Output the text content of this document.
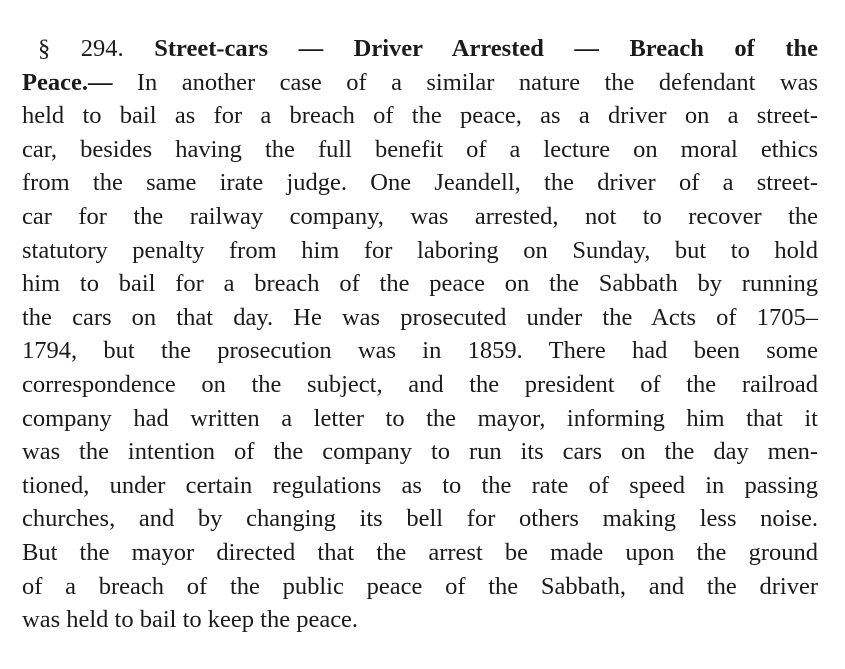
§ 294. Street-cars — Driver Arrested — Breach of the
Peace.— In another case of a similar nature the defendant was
held to bail as for a breach of the peace, as a driver on a street-
car, besides having the full benefit of a lecture on moral ethics
from the same irate judge. One Jeandell, the driver of a street-
car for the railway company, was arrested, not to recover the
statutory penalty from him for laboring on Sunday, but to hold
him to bail for a breach of the peace on the Sabbath by running
the cars on that day. He was prosecuted under the Acts of 1705–
1794, but the prosecution was in 1859. There had been some
correspondence on the subject, and the president of the railroad
company had written a letter to the mayor, informing him that it
was the intention of the company to run its cars on the day men-
tioned, under certain regulations as to the rate of speed in passing
churches, and by changing its bell for others making less noise.
But the mayor directed that the arrest be made upon the ground
of a breach of the public peace of the Sabbath, and the driver
was held to bail to keep the peace.
